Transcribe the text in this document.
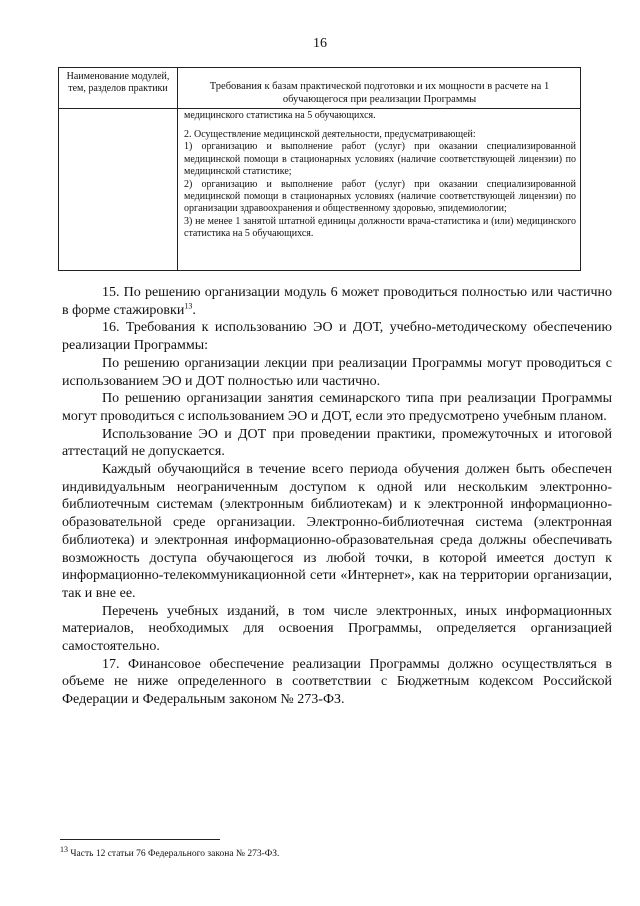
16
Наименование модулей, тем, разделов практики	Требования к базам практической подготовки и их мощности в расчете на 1 обучающегося при реализации Программы
медицинского статистика на 5 обучающихся.

2. Осуществление медицинской деятельности, предусматривающей:

1) организацию и выполнение работ (услуг) при оказании специализированной медицинской помощи в стационарных условиях (наличие соответствующей лицензии) по медицинской статистике;

2) организацию и выполнение работ (услуг) при оказании специализированной медицинской помощи в стационарных условиях (наличие соответствующей лицензии) по организации здравоохранения и общественному здоровью, эпидемиологии;

3) не менее 1 занятой штатной единицы должности врача-статистика и (или) медицинского статистика на 5 обучающихся.

15. По решению организации модуль 6 может проводиться полностью или частично в форме стажировки$^{13}$.

16. Требования к использованию ЭО и ДОТ, учебно-методическому обеспечению реализации Программы:

По решению организации лекции при реализации Программы могут проводиться с использованием ЭО и ДОТ полностью или частично.

По решению организации занятия семинарского типа при реализации Программы могут проводиться с использованием ЭО и ДОТ, если это предусмотрено учебным планом.

Использование ЭО и ДОТ при проведении практики, промежуточных и итоговой аттестаций не допускается.

Каждый обучающийся в течение всего периода обучения должен быть обеспечен индивидуальным неограниченным доступом к одной или нескольким электронно-библиотечным системам (электронным библиотекам) и к электронной информационно-образовательной среде организации. Электронно-библиотечная система (электронная библиотека) и электронная информационно-образовательная среда должны обеспечивать возможность доступа обучающегося из любой точки, в которой имеется доступ к информационно-телекоммуникационной сети «Интернет», как на территории организации, так и вне ее.

Перечень учебных изданий, в том числе электронных, иных информационных материалов, необходимых для освоения Программы, определяется организацией самостоятельно.

17. Финансовое обеспечение реализации Программы должно осуществляться в объеме не ниже определенного в соответствии с Бюджетным кодексом Российской Федерации и Федеральным законом № 273-ФЗ.

$^{13}$ Часть 12 статьи 76 Федерального закона № 273-ФЗ.
